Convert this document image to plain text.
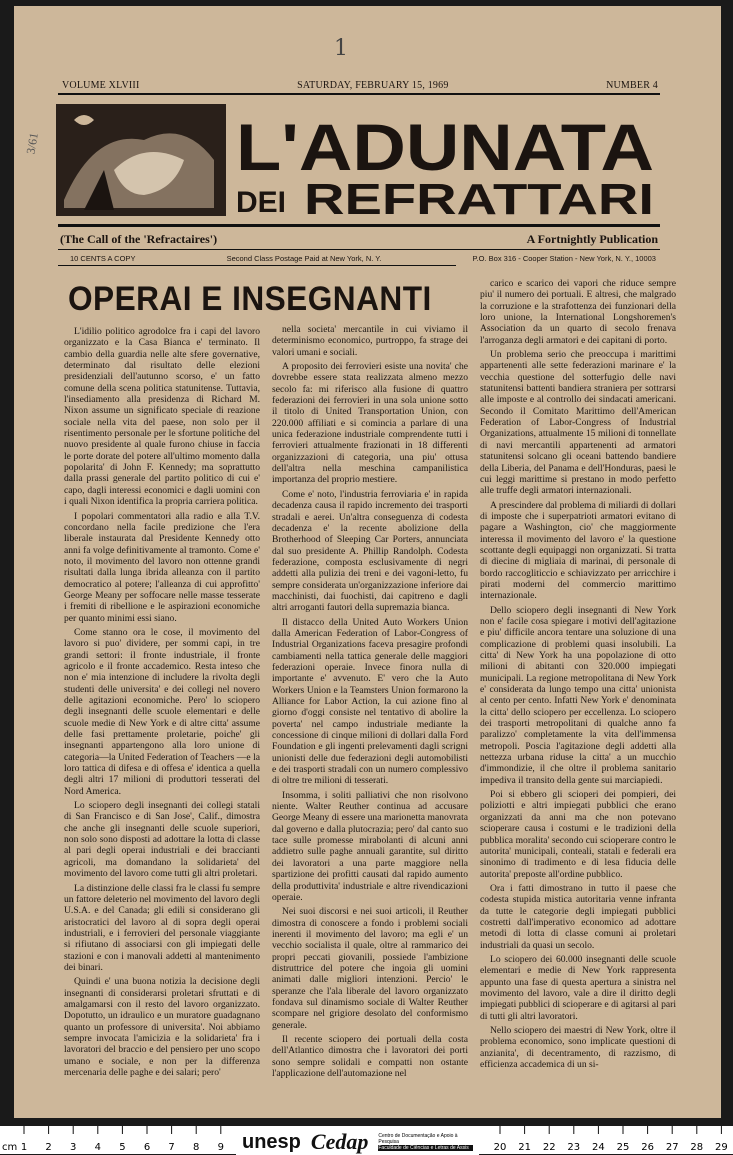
1
3/61
VOLUME XLVIII	SATURDAY, FEBRUARY 15, 1969	NUMBER 4
L'ADUNATA
DEI REFRATTARI
(The Call of the 'Refractaires')	A Fortnightly Publication
10 CENTS A COPY	Second Class Postage Paid at New York, N. Y.	P.O. Box 316 - Cooper Station - New York, N. Y., 10003
OPERAI E INSEGNANTI

L'idilio politico agrodolce fra i capi del lavoro organizzato e la Casa Bianca e' terminato. Il cambio della guardia nelle alte sfere governative, determinato dal risultato delle elezioni presidenziali dell'autunno scorso, e' un fatto comune della scena politica statunitense. Tuttavia, l'insediamento alla presidenza di Richard M. Nixon assume un significato speciale di reazione sociale nella vita del paese, non solo per il risentimento personale per le sfortune politiche del nuovo presidente al quale furono chiuse in faccia le porte dorate del potere all'ultimo momento dalla popolarita' di John F. Kennedy; ma soprattutto dalla prassi generale del partito politico di cui e' capo, dagli interessi economici e dagli uomini con i quali Nixon identifica la propria carriera politica.

I popolari commentatori alla radio e alla T.V. concordano nella facile predizione che l'era liberale instaurata dal Presidente Kennedy otto anni fa volge definitivamente al tramonto. Come e' noto, il movimento del lavoro non ottenne grandi risultati dalla lunga ibrida alleanza con il partito democratico al potere; l'alleanza di cui approfitto' George Meany per soffocare nelle masse tesserate i fremiti di ribellione e le aspirazioni economiche per quanto minimi essi siano.

Come stanno ora le cose, il movimento del lavoro si puo' dividere, per sommi capi, in tre grandi settori: il fronte industriale, il fronte agricolo e il fronte accademico. Resta inteso che non e' mia intenzione di includere la rivolta degli studenti delle universita' e dei collegi nel novero delle agitazioni economiche. Pero' lo sciopero degli insegnanti delle scuole elementari e delle scuole medie di New York e di altre citta' assume delle fasi prettamente proletarie, poiche' gli insegnanti appartengono alla loro unione di categoria—la United Federation of Teachers —e la loro tattica di difesa e di offesa e' identica a quella degli altri 17 milioni di produttori tesserati del Nord America.

Lo sciopero degli insegnanti dei collegi statali di San Francisco e di San Jose', Calif., dimostra che anche gli insegnanti delle scuole superiori, non solo sono disposti ad adottare la lotta di classe al pari degli operai industriali e dei braccianti agricoli, ma domandano la solidarieta' del movimento del lavoro come tutti gli altri proletari.

La distinzione delle classi fra le classi fu sempre un fattore deleterio nel movimento del lavoro degli U.S.A. e del Canada; gli edili si considerano gli aristocratici del lavoro al di sopra degli operai industriali, e i ferrovieri del personale viaggiante si rifiutano di associarsi con gli impiegati delle stazioni e con i manovali addetti al mantenimento dei binari.

Quindi e' una buona notizia la decisione degli insegnanti di considerarsi proletari sfruttati e di amalgamarsi con il resto del lavoro organizzato. Dopotutto, un idraulico e un muratore guadagnano quanto un professore di universita'. Noi abbiamo sempre invocata l'amicizia e la solidarieta' fra i lavoratori del braccio e del pensiero per uno scopo umano e sociale, e non per la differenza mercenaria delle paghe e dei salari; pero'

nella societa' mercantile in cui viviamo il determinismo economico, purtroppo, fa strage dei valori umani e sociali.

A proposito dei ferrovieri esiste una novita' che dovrebbe essere stata realizzata almeno mezzo secolo fa: mi riferisco alla fusione di quattro federazioni dei ferrovieri in una sola unione sotto il titolo di United Transportation Union, con 220.000 affiliati e si comincia a parlare di una unica federazione industriale comprendente tutti i ferrovieri attualmente frazionati in 18 differenti organizzazioni di categoria, una piu' ottusa dell'altra nella meschina campanilistica importanza del proprio mestiere.

Come e' noto, l'industria ferroviaria e' in rapida decadenza causa il rapido incremento dei trasporti stradali e aerei. Un'altra conseguenza di codesta decadenza e' la recente abolizione della Brotherhood of Sleeping Car Porters, annunciata dal suo presidente A. Phillip Randolph. Codesta federazione, composta esclusivamente di negri addetti alla pulizia dei treni e dei vagoni-letto, fu sempre considerata un'organizzazione inferiore dai macchinisti, dai fuochisti, dai capitreno e dagli altri arroganti fautori della supremazia bianca.

Il distacco della United Auto Workers Union dalla American Federation of Labor-Congress of Industrial Organizations faceva presagire profondi cambiamenti nella tattica generale delle maggiori federazioni operaie. Invece finora nulla di importante e' avvenuto. E' vero che la Auto Workers Union e la Teamsters Union formarono la Alliance for Labor Action, la cui azione fino al giorno d'oggi consiste nel tentativo di abolire la poverta' nel campo industriale mediante la concessione di cinque milioni di dollari dalla Ford Foundation e gli ingenti prelevamenti dagli scrigni unionisti delle due federazioni degli automobilisti e dei trasporti stradali con un numero complessivo di oltre tre milioni di tesserati.

Insomma, i soliti palliativi che non risolvono niente. Walter Reuther continua ad accusare George Meany di essere una marionetta manovrata dal governo e dalla plutocrazia; pero' dal canto suo tace sulle promesse mirabolanti di alcuni anni addietro sulle paghe annuali garantite, sul diritto dei lavoratori a una parte maggiore nella spartizione dei profitti causati dal rapido aumento della produttivita' industriale e altre rivendicazioni operaie.

Nei suoi discorsi e nei suoi articoli, il Reuther dimostra di conoscere a fondo i problemi sociali inerenti il movimento del lavoro; ma egli e' un vecchio socialista il quale, oltre al rammarico dei propri peccati giovanili, possiede l'ambizione distruttrice del potere che ingoia gli uomini animati dalle migliori intenzioni. Percio' le speranze che l'ala liberale del lavoro organizzato fondava sul dinamismo sociale di Walter Reuther scompare nel grigiore desolato del conformismo generale.

Il recente sciopero dei portuali della costa dell'Atlantico dimostra che i lavoratori dei porti sono sempre solidali e compatti non ostante l'applicazione dell'automazione nel

carico e scarico dei vapori che riduce sempre piu' il numero dei portuali. E altresi, che malgrado la corruzione e la strafottenza dei funzionari della loro unione, la International Longshoremen's Association da un quarto di secolo frenava l'arroganza degli armatori e dei capitani di porto.

Un problema serio che preoccupa i marittimi appartenenti alle sette federazioni marinare e' la vecchia questione del sotterfugio delle navi statunitensi battenti bandiera straniera per sottrarsi alle imposte e al controllo dei sindacati americani. Secondo il Comitato Marittimo dell'American Federation of Labor-Congress of Industrial Organizations, attualmente 15 milioni di tonnellate di navi mercantili appartenenti ad armatori statunitensi solcano gli oceani battendo bandiere della Liberia, del Panama e dell'Honduras, paesi le cui leggi marittime si prestano in modo perfetto alle truffe degli armatori internazionali.

A prescindere dal problema di miliardi di dollari di imposte che i superpatrioti armatori evitano di pagare a Washington, cio' che maggiormente interessa il movimento del lavoro e' la questione scottante degli equipaggi non organizzati. Si tratta di diecine di migliaia di marinai, di personale di bordo raccogliticcio e schiavizzato per arricchire i pirati moderni del commercio marittimo internazionale.

Dello sciopero degli insegnanti di New York non e' facile cosa spiegare i motivi dell'agitazione e piu' difficile ancora tentare una soluzione di una complicazione di problemi quasi insolubili. La citta' di New York ha una popolazione di otto milioni di abitanti con 320.000 impiegati municipali. La regione metropolitana di New York e' considerata da lungo tempo una citta' unionista al cento per cento. Infatti New York e' denominata la citta' dello sciopero per eccellenza. Lo sciopero dei trasporti metropolitani di qualche anno fa paralizzo' completamente la vita dell'immensa metropoli. Poscia l'agitazione degli addetti alla nettezza urbana riduse la citta' a un mucchio d'immondizie, il che oltre il problema sanitario impediva il transito della gente sui marciapiedi.

Poi si ebbero gli scioperi dei pompieri, dei poliziotti e altri impiegati pubblici che erano organizzati da anni ma che non potevano scioperare causa i costumi e le tradizioni della pubblica moralita' secondo cui scioperare contro le autorita' municipali, conteali, statali e federali era sinonimo di tradimento e di lesa fiducia delle autorita' preposte all'ordine pubblico.

Ora i fatti dimostrano in tutto il paese che codesta stupida mistica autoritaria venne infranta da tutte le categorie degli impiegati pubblici costretti dall'imperativo economico ad adottare metodi di lotta di classe comuni ai proletari industriali da quasi un secolo.

Lo sciopero dei 60.000 insegnanti delle scuole elementari e medie di New York rappresenta appunto una fase di questa apertura a sinistra nel movimento del lavoro, vale a dire il diritto degli impiegati pubblici di scioperare e di agitarsi al pari di tutti gli altri lavoratori.

Nello sciopero dei maestri di New York, oltre il problema economico, sono implicate questioni di anzianita', di decentramento, di razzismo, di efficienza accademica di un si-

cm 1 2 3 4 5 6 7 8 9	20 21 22 23 24 25 26 27 28 29
unesp Cedap Centro de Documentação e Apoio à Pesquisa
Faculdade de Ciências e Letras de Assis
